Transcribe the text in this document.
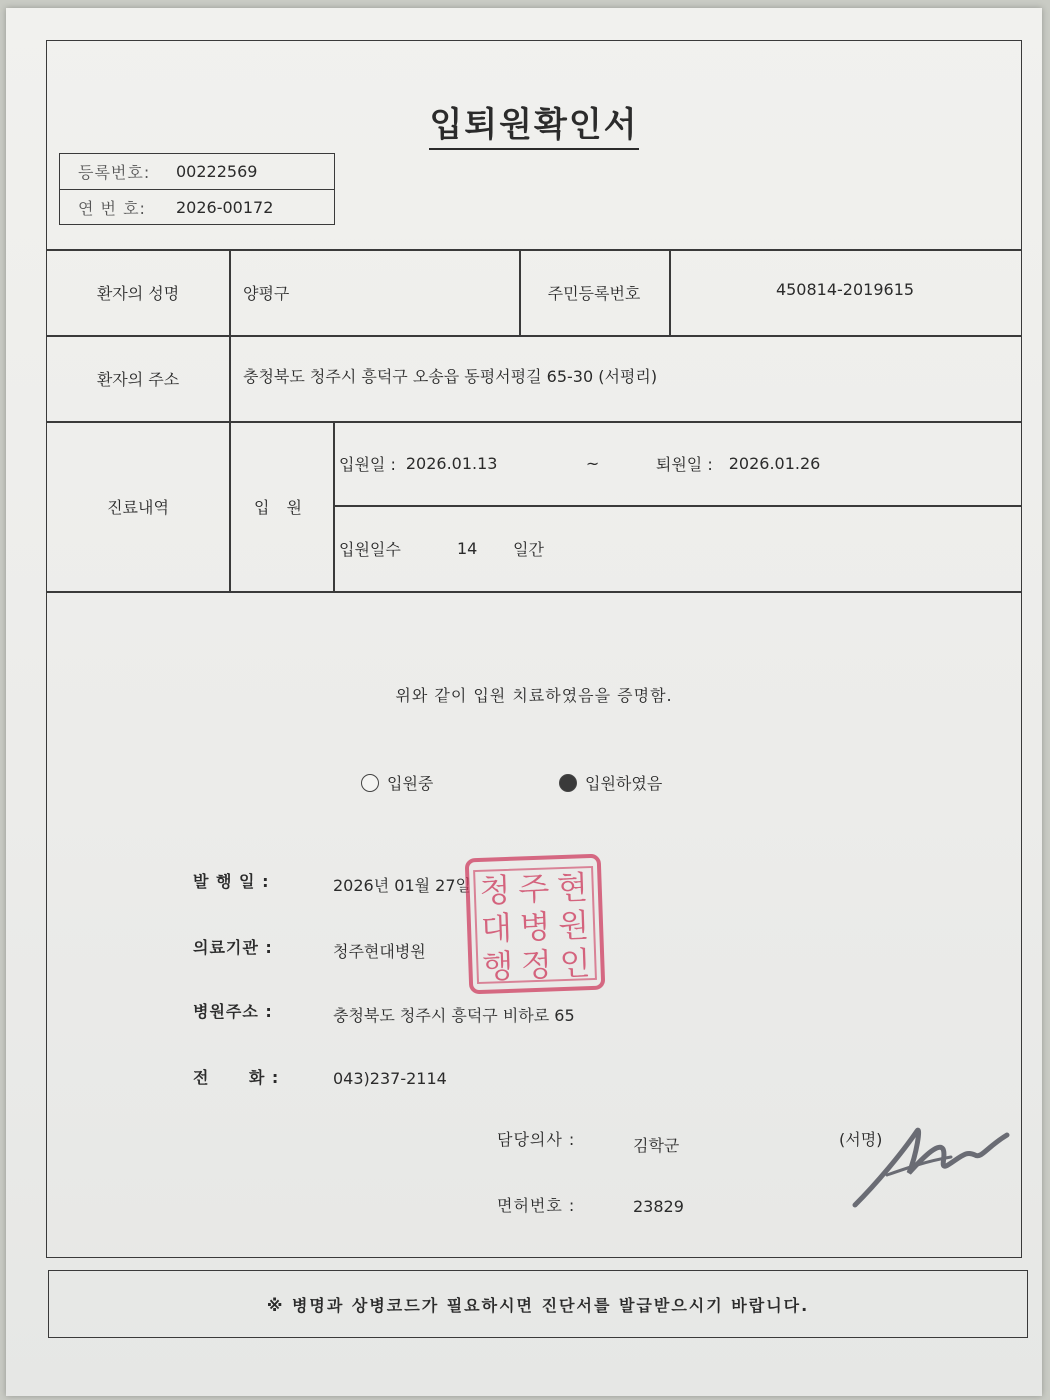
입퇴원확인서
등록번호:	00222569
연 번 호:	2026-00172
환자의 성명	양평구	주민등록번호	450814-2019615
환자의 주소	충청북도 청주시 흥덕구 오송읍 동평서평길 65-30 (서평리)
진료내역	입 원
입원일 : 2026.01.13	~	퇴원일 : 2026.01.26
입원일수	14	일간
위와 같이 입원 치료하였음을 증명함.
입원중	입원하였음
발 행 일 :	2026년 01월 27일
의료기관 :	청주현대병원
병원주소 :	충청북도 청주시 흥덕구 비하로 65
전      화 :	043)237-2114
청 주 현
대 병 원
행 정 인
담당의사 :	김학군	(서명)
면허번호 :	23829
※ 병명과 상병코드가 필요하시면 진단서를 발급받으시기 바랍니다.
